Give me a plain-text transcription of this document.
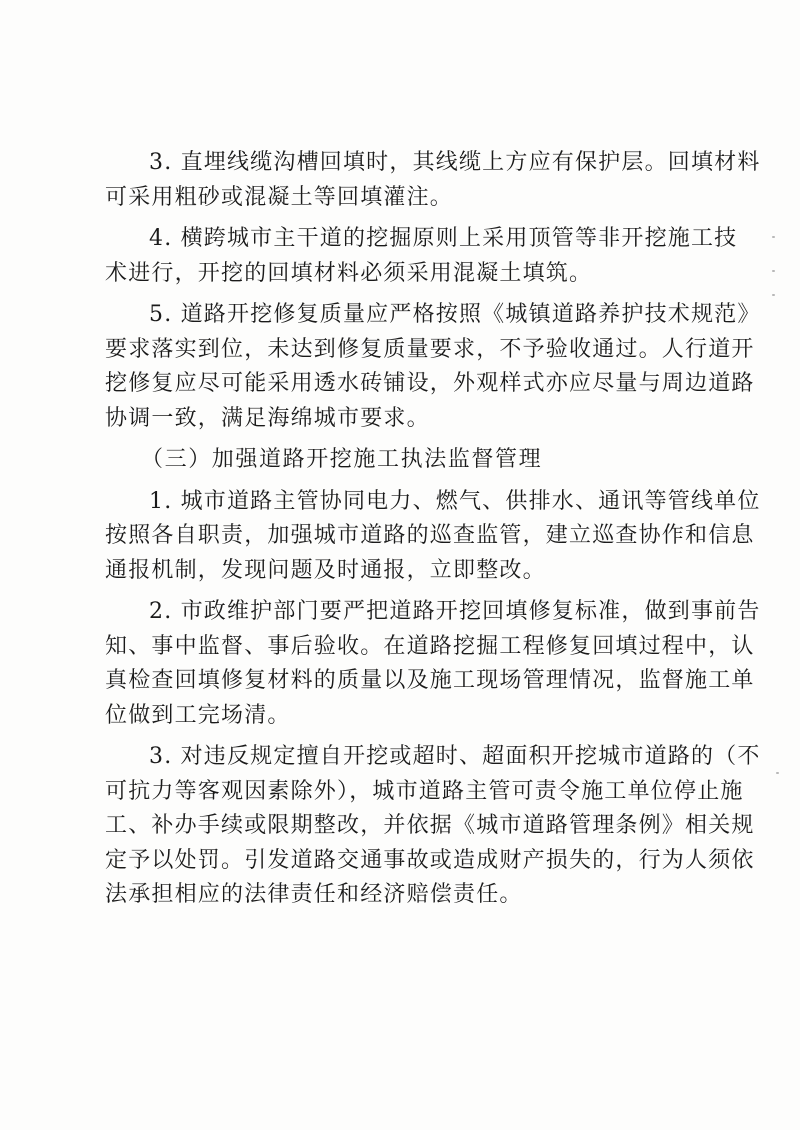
3. 直埋线缆沟槽回填时，其线缆上方应有保护层。回填材料
可采用粗砂或混凝土等回填灌注。

4. 横跨城市主干道的挖掘原则上采用顶管等非开挖施工技
术进行，开挖的回填材料必须采用混凝土填筑。

5. 道路开挖修复质量应严格按照《城镇道路养护技术规范》
要求落实到位，未达到修复质量要求，不予验收通过。人行道开
挖修复应尽可能采用透水砖铺设，外观样式亦应尽量与周边道路
协调一致，满足海绵城市要求。

（三）加强道路开挖施工执法监督管理

1. 城市道路主管协同电力、燃气、供排水、通讯等管线单位
按照各自职责，加强城市道路的巡查监管，建立巡查协作和信息
通报机制，发现问题及时通报，立即整改。

2. 市政维护部门要严把道路开挖回填修复标准，做到事前告
知、事中监督、事后验收。在道路挖掘工程修复回填过程中，认
真检查回填修复材料的质量以及施工现场管理情况，监督施工单
位做到工完场清。

3. 对违反规定擅自开挖或超时、超面积开挖城市道路的（不
可抗力等客观因素除外），城市道路主管可责令施工单位停止施
工、补办手续或限期整改，并依据《城市道路管理条例》相关规
定予以处罚。引发道路交通事故或造成财产损失的，行为人须依
法承担相应的法律责任和经济赔偿责任。
